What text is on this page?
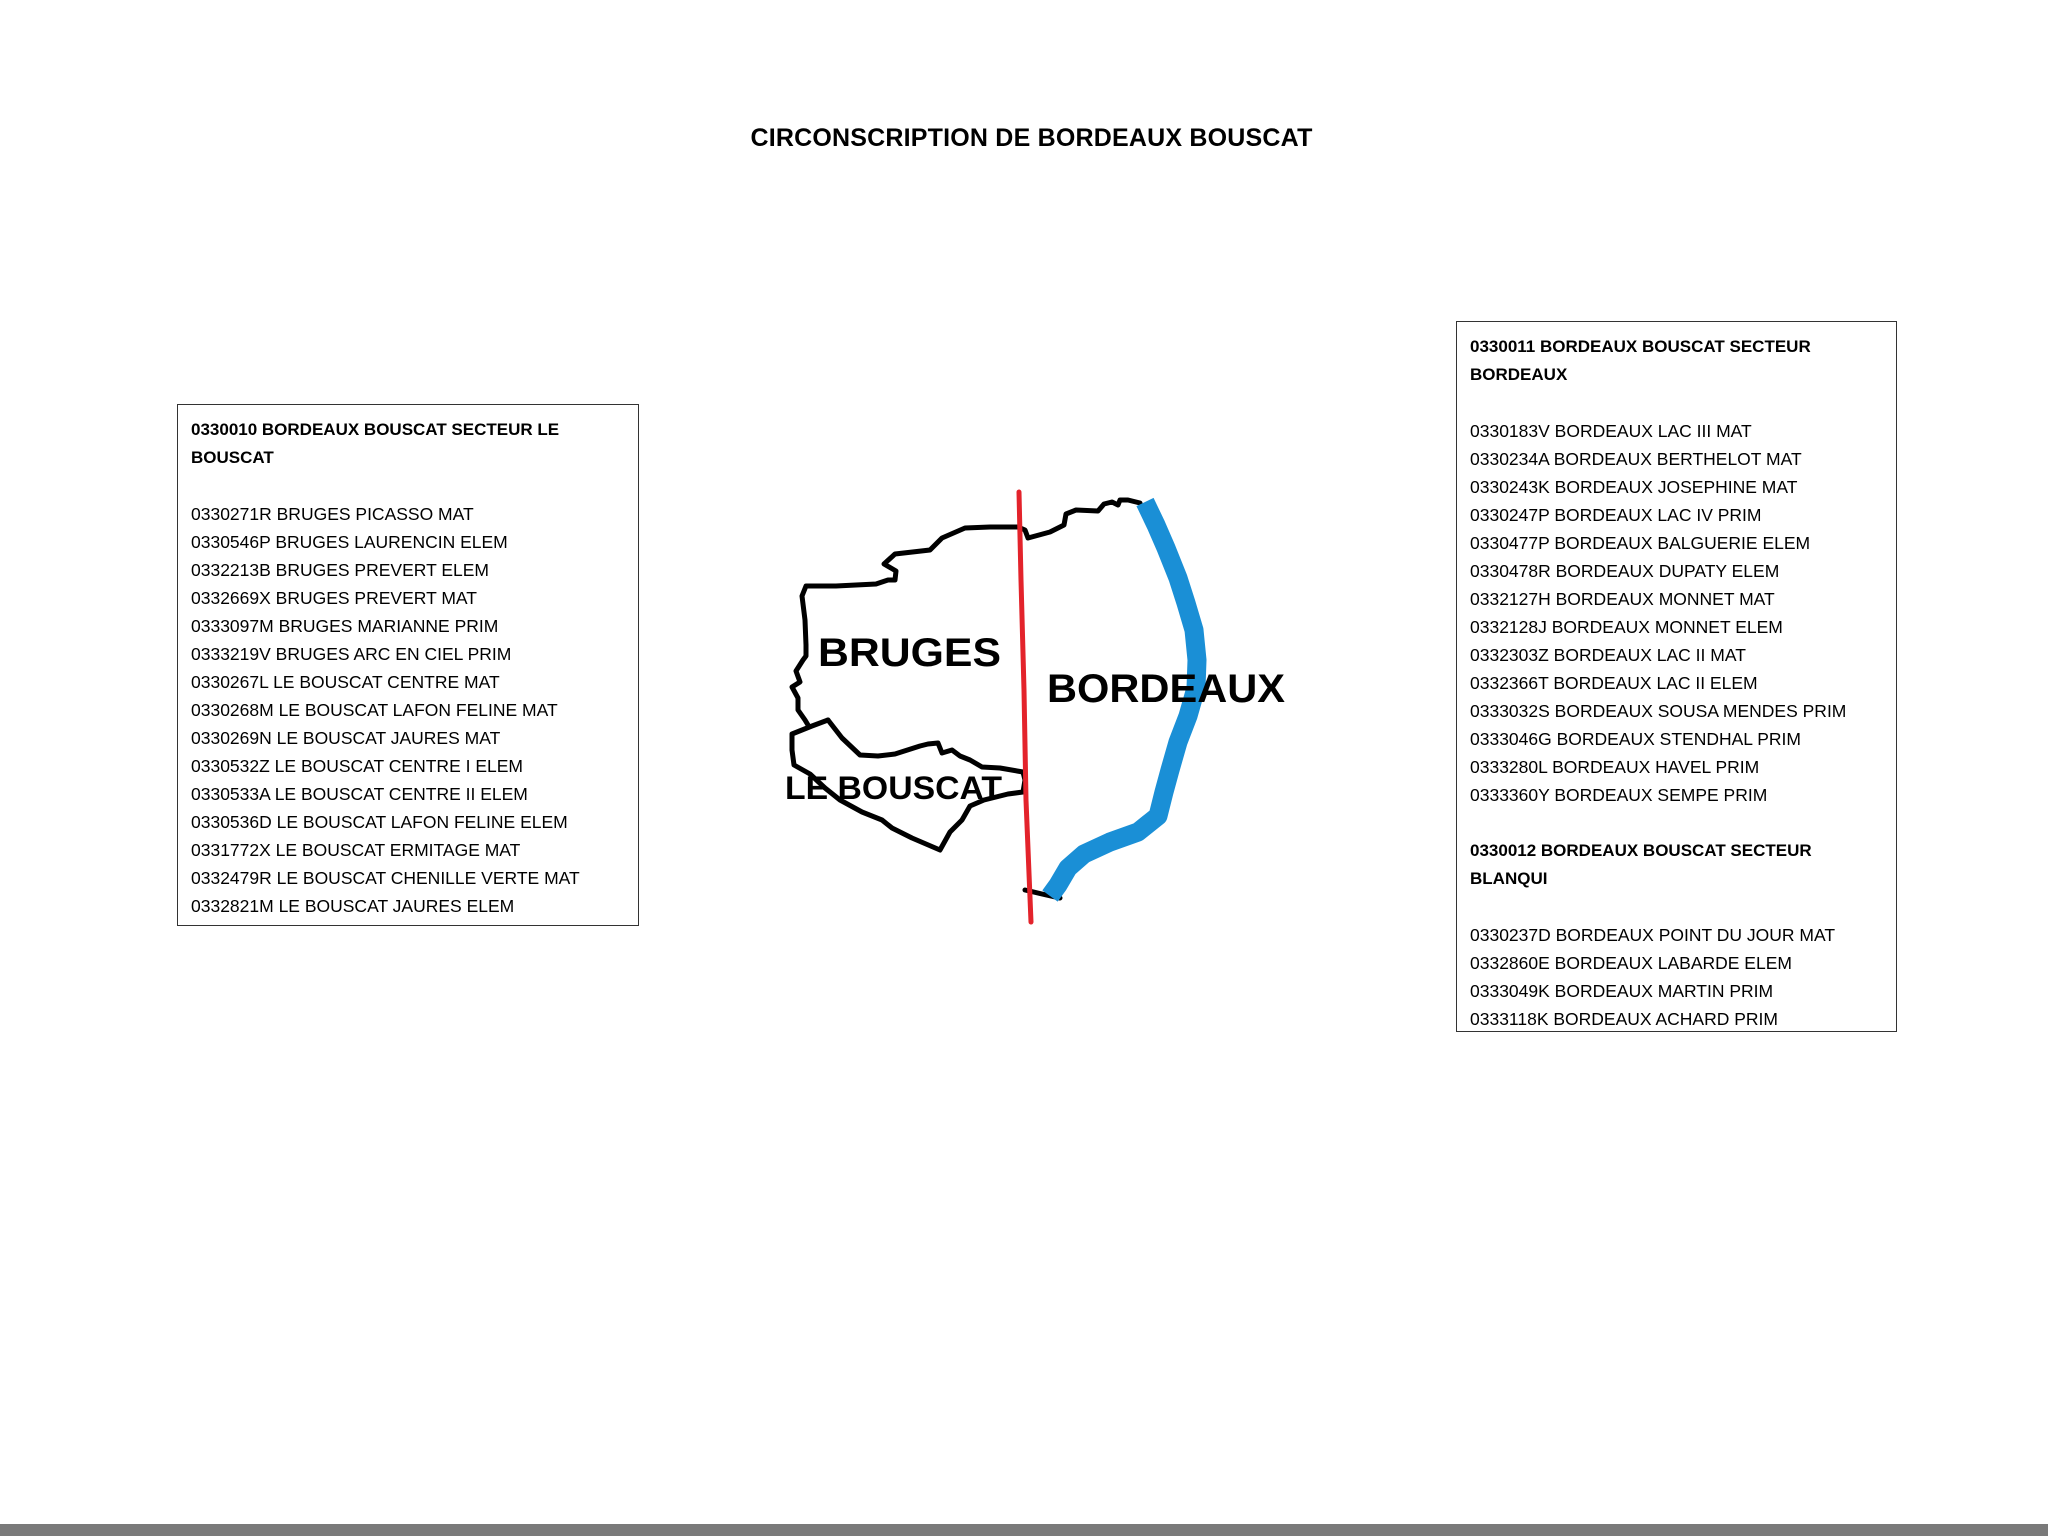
CIRCONSCRIPTION DE BORDEAUX BOUSCAT
0330010 BORDEAUX BOUSCAT SECTEUR LE BOUSCAT
0330271R BRUGES PICASSO MAT
0330546P BRUGES LAURENCIN ELEM
0332213B BRUGES PREVERT ELEM
0332669X BRUGES PREVERT MAT
0333097M BRUGES MARIANNE PRIM
0333219V BRUGES ARC EN CIEL PRIM
0330267L LE BOUSCAT CENTRE MAT
0330268M LE BOUSCAT LAFON FELINE MAT
0330269N LE BOUSCAT JAURES MAT
0330532Z LE BOUSCAT CENTRE I ELEM
0330533A LE BOUSCAT CENTRE II ELEM
0330536D LE BOUSCAT LAFON FELINE ELEM
0331772X LE BOUSCAT ERMITAGE MAT
0332479R LE BOUSCAT CHENILLE VERTE MAT
0332821M LE BOUSCAT JAURES ELEM
BRUGES
BORDEAUX
LE BOUSCAT
0330011 BORDEAUX BOUSCAT SECTEUR BORDEAUX
0330183V BORDEAUX LAC III MAT
0330234A BORDEAUX BERTHELOT MAT
0330243K BORDEAUX JOSEPHINE MAT
0330247P BORDEAUX LAC IV PRIM
0330477P BORDEAUX BALGUERIE ELEM
0330478R BORDEAUX DUPATY ELEM
0332127H BORDEAUX MONNET MAT
0332128J BORDEAUX MONNET ELEM
0332303Z BORDEAUX LAC II MAT
0332366T BORDEAUX LAC II ELEM
0333032S BORDEAUX SOUSA MENDES PRIM
0333046G BORDEAUX STENDHAL PRIM
0333280L BORDEAUX HAVEL PRIM
0333360Y BORDEAUX SEMPE PRIM
0330012 BORDEAUX BOUSCAT SECTEUR BLANQUI
0330237D BORDEAUX POINT DU JOUR MAT
0332860E BORDEAUX LABARDE ELEM
0333049K BORDEAUX MARTIN PRIM
0333118K BORDEAUX ACHARD PRIM
